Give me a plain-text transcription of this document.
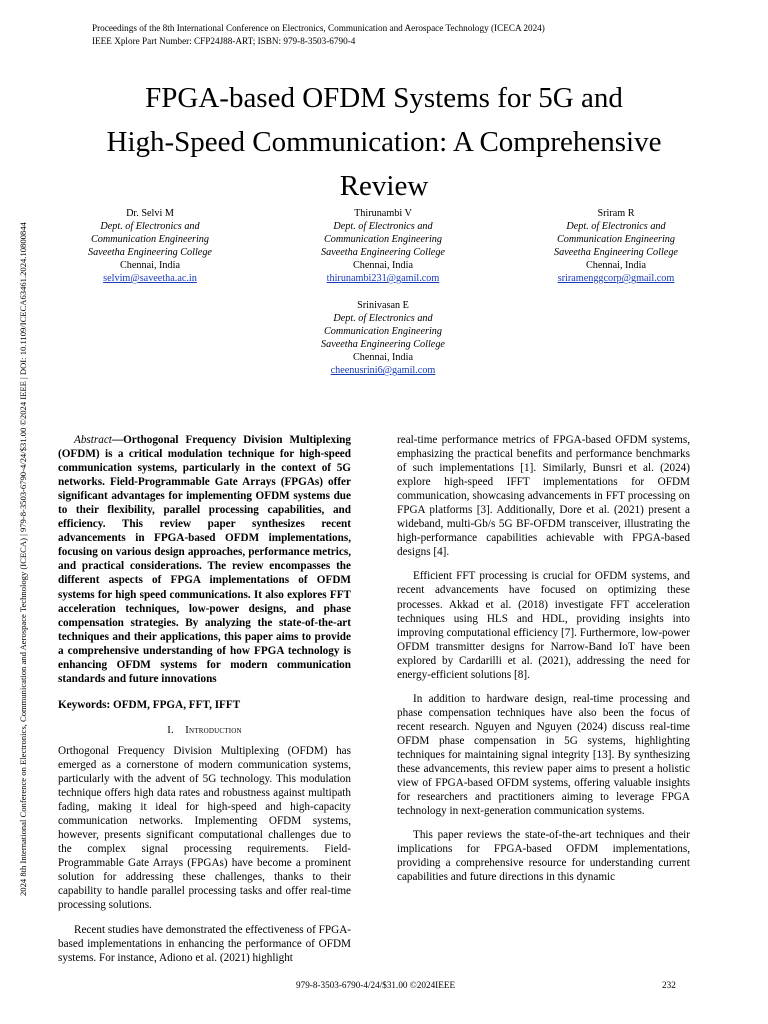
Proceedings of the 8th International Conference on Electronics, Communication and Aerospace Technology (ICECA 2024)
IEEE Xplore Part Number: CFP24J88-ART; ISBN: 979-8-3503-6790-4
2024 8th International Conference on Electronics, Communication and Aerospace Technology (ICECA) | 979-8-3503-6790-4/24/$31.00 ©2024 IEEE | DOI: 10.1109/ICECA63461.2024.10800844
FPGA-based OFDM Systems for 5G and
High-Speed Communication: A Comprehensive
Review
Dr. Selvi M
Dept. of Electronics and
Communication Engineering
Saveetha Engineering College
Chennai, India
selvim@saveetha.ac.in
Thirunambi V
Dept. of Electronics and
Communication Engineering
Saveetha Engineering College
Chennai, India
thirunambi231@gamil.com
Sriram R
Dept. of Electronics and
Communication Engineering
Saveetha Engineering College
Chennai, India
sriramenggcorp@gmail.com
Srinivasan E
Dept. of Electronics and
Communication Engineering
Saveetha Engineering College
Chennai, India
cheenusrini6@gamil.com

Abstract—Orthogonal Frequency Division Multiplexing (OFDM) is a critical modulation technique for high-speed communication systems, particularly in the context of 5G networks. Field-Programmable Gate Arrays (FPGAs) offer significant advantages for implementing OFDM systems due to their flexibility, parallel processing capabilities, and efficiency. This review paper synthesizes recent advancements in FPGA-based OFDM implementations, focusing on various design approaches, performance metrics, and practical considerations. The review encompasses the different aspects of FPGA implementations of OFDM systems for high speed communications. It also explores FFT acceleration techniques, low-power designs, and phase compensation strategies. By analyzing the state-of-the-art techniques and their applications, this paper aims to provide a comprehensive understanding of how FPGA technology is enhancing OFDM systems for modern communication standards and future innovations

Keywords: OFDM, FPGA, FFT, IFFT

I. Introduction

Orthogonal Frequency Division Multiplexing (OFDM) has emerged as a cornerstone of modern communication systems, particularly with the advent of 5G technology. This modulation technique offers high data rates and robustness against multipath fading, making it ideal for high-speed and high-capacity communication networks. Implementing OFDM systems, however, presents significant computational challenges due to the complex signal processing requirements. Field-Programmable Gate Arrays (FPGAs) have become a prominent solution for addressing these challenges, thanks to their capability to handle parallel processing tasks and offer real-time processing solutions.

Recent studies have demonstrated the effectiveness of FPGA-based implementations in enhancing the performance of OFDM systems. For instance, Adiono et al. (2021) highlight

real-time performance metrics of FPGA-based OFDM systems, emphasizing the practical benefits and performance benchmarks of such implementations [1]. Similarly, Bunsri et al. (2024) explore high-speed IFFT implementations for OFDM communication, showcasing advancements in FFT processing on FPGA platforms [3]. Additionally, Dore et al. (2021) present a wideband, multi-Gb/s 5G BF-OFDM transceiver, illustrating the high-performance capabilities achievable with FPGA-based designs [4].

Efficient FFT processing is crucial for OFDM systems, and recent advancements have focused on optimizing these processes. Akkad et al. (2018) investigate FFT acceleration techniques using HLS and HDL, providing insights into improving computational efficiency [7]. Furthermore, low-power OFDM transmitter designs for Narrow-Band IoT have been explored by Cardarilli et al. (2021), addressing the need for energy-efficient solutions [8].

In addition to hardware design, real-time processing and phase compensation techniques have also been the focus of recent research. Nguyen and Nguyen (2024) discuss real-time OFDM phase compensation in 5G systems, highlighting techniques for maintaining signal integrity [13]. By synthesizing these advancements, this review paper aims to present a holistic view of FPGA-based OFDM systems, offering valuable insights for researchers and practitioners aiming to leverage FPGA technology in next-generation communication systems.

This paper reviews the state-of-the-art techniques and their implications for FPGA-based OFDM implementations, providing a comprehensive resource for understanding current capabilities and future directions in this dynamic

979-8-3503-6790-4/24/$31.00 ©2024IEEE	232
